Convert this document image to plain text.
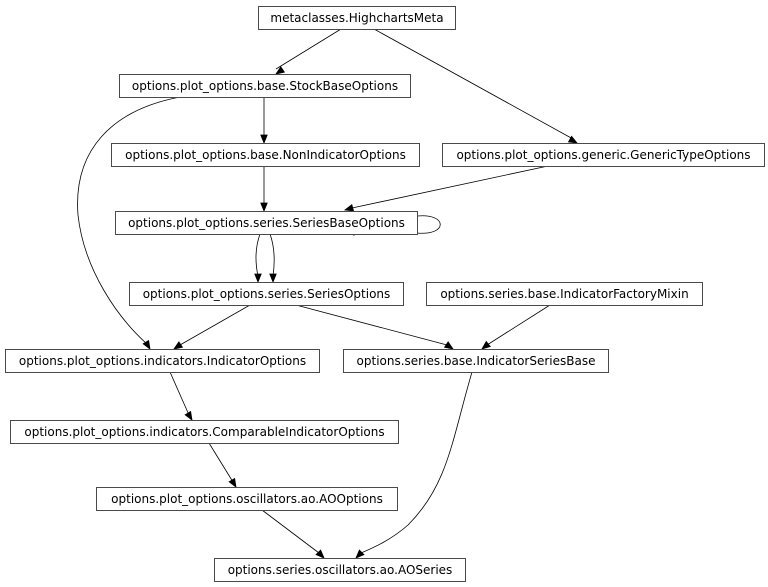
metaclasses.HighchartsMeta
options.plot_options.base.StockBaseOptions
options.plot_options.base.NonIndicatorOptions	options.plot_options.generic.GenericTypeOptions
options.plot_options.series.SeriesBaseOptions
options.plot_options.series.SeriesOptions	options.series.base.IndicatorFactoryMixin
options.plot_options.indicators.IndicatorOptions	options.series.base.IndicatorSeriesBase
options.plot_options.indicators.ComparableIndicatorOptions
options.plot_options.oscillators.ao.AOOptions
options.series.oscillators.ao.AOSeries
